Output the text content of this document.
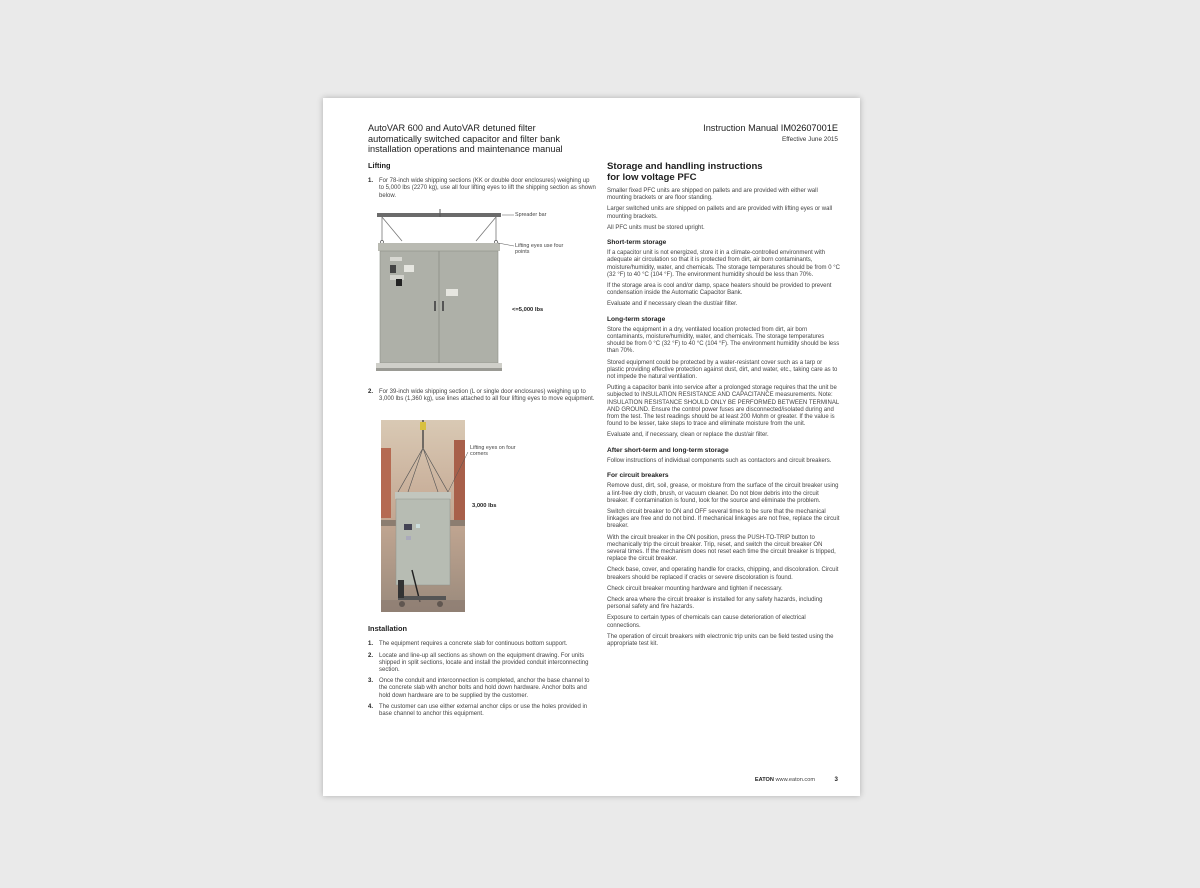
AutoVAR 600 and AutoVAR detuned filter
automatically switched capacitor and filter bank
installation operations and maintenance manual
Instruction Manual IM02607001E
Effective June 2015
Lifting
1. For 78-inch wide shipping sections (KK or double door enclosures) weighing up to 5,000 lbs (2270 kg), use all four lifting eyes to lift the shipping section as shown below.
Spreader bar
Lifting eyes use four points
<=5,000 lbs
2. For 39-inch wide shipping section (L or single door enclosures) weighing up to 3,000 lbs (1,360 kg), use lines attached to all four lifting eyes to move equipment.
Lifting eyes on four corners
3,000 lbs
Installation
1. The equipment requires a concrete slab for continuous bottom support.
2. Locate and line-up all sections as shown on the equipment drawing. For units shipped in split sections, locate and install the provided conduit interconnecting section.
3. Once the conduit and interconnection is completed, anchor the base channel to the concrete slab with anchor bolts and hold down hardware. Anchor bolts and hold down hardware are to be supplied by the customer.
4. The customer can use either external anchor clips or use the holes provided in base channel to anchor this equipment.
Storage and handling instructions
for low voltage PFC

Smaller fixed PFC units are shipped on pallets and are provided with either wall mounting brackets or are floor standing.

Larger switched units are shipped on pallets and are provided with lifting eyes or wall mounting brackets.

All PFC units must be stored upright.

Short-term storage

If a capacitor unit is not energized, store it in a climate-controlled environment with adequate air circulation so that it is protected from dirt, air born contaminants, moisture/humidity, water, and chemicals. The storage temperatures should be from 0 °C (32 °F) to 40 °C (104 °F). The environment humidity should be less than 70%.

If the storage area is cool and/or damp, space heaters should be provided to prevent condensation inside the Automatic Capacitor Bank.

Evaluate and if necessary clean the dust/air filter.

Long-term storage

Store the equipment in a dry, ventilated location protected from dirt, air born contaminants, moisture/humidity, water, and chemicals. The storage temperatures should be from 0 °C (32 °F) to 40 °C (104 °F). The environment humidity should be less than 70%.

Stored equipment could be protected by a water-resistant cover such as a tarp or plastic providing effective protection against dust, dirt, and water, etc., taking care as to not impede the natural ventilation.

Putting a capacitor bank into service after a prolonged storage requires that the unit be subjected to INSULATION RESISTANCE AND CAPACITANCE measurements. Note: INSULATION RESISTANCE SHOULD ONLY BE PERFORMED BETWEEN TERMINAL AND GROUND. Ensure the control power fuses are disconnected/isolated during and from the test. The test readings should be at least 200 Mohm or greater. If the value is found to be lesser, take steps to trace and eliminate moisture from the unit.

Evaluate and, if necessary, clean or replace the dust/air filter.

After short-term and long-term storage

Follow instructions of individual components such as contactors and circuit breakers.

For circuit breakers

Remove dust, dirt, soil, grease, or moisture from the surface of the circuit breaker using a lint-free dry cloth, brush, or vacuum cleaner. Do not blow debris into the circuit breaker. If contamination is found, look for the source and eliminate the problem.

Switch circuit breaker to ON and OFF several times to be sure that the mechanical linkages are free and do not bind. If mechanical linkages are not free, replace the circuit breaker.

With the circuit breaker in the ON position, press the PUSH-TO-TRIP button to mechanically trip the circuit breaker. Trip, reset, and switch the circuit breaker ON several times. If the mechanism does not reset each time the circuit breaker is tripped, replace the circuit breaker.

Check base, cover, and operating handle for cracks, chipping, and discoloration. Circuit breakers should be replaced if cracks or severe discoloration is found.

Check circuit breaker mounting hardware and tighten if necessary.

Check area where the circuit breaker is installed for any safety hazards, including personal safety and fire hazards.

Exposure to certain types of chemicals can cause deterioration of electrical connections.

The operation of circuit breakers with electronic trip units can be field tested using the appropriate test kit.

EATON www.eaton.com	3
